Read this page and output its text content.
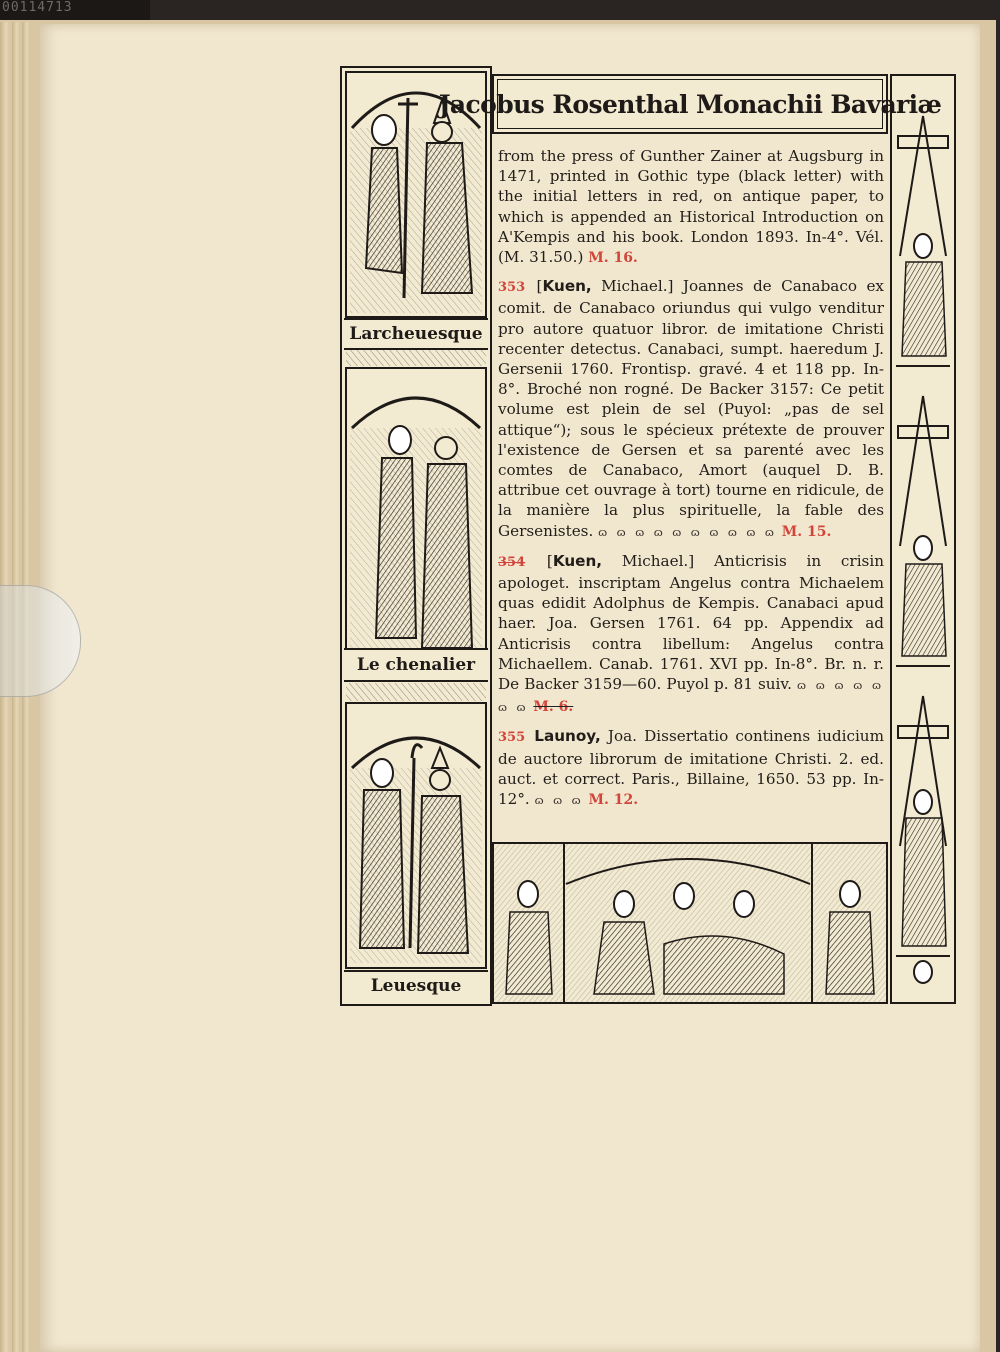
00114713
Larcheuesque
Le chenalier
Leuesque
Jacobus Rosenthal Monachii Bavariæ

from the press of Gunther Zainer at Augsburg in 1471, printed in Gothic type (black letter) with the initial letters in red, on antique paper, to which is appended an Historical Introduction on A'Kempis and his book. London 1893. In-4°. Vél. (M. 31.50.) M. 16.

353 [Kuen, Michael.] Joannes de Canabaco ex comit. de Canabaco oriundus qui vulgo venditur pro autore quatuor libror. de imitatione Christi recenter detectus. Canabaci, sumpt. haeredum J. Gersenii 1760. Frontisp. gravé. 4 et 118 pp. In-8°. Broché non rogné. De Backer 3157: Ce petit volume est plein de sel (Puyol: „pas de sel attique“); sous le spécieux prétexte de prouver l'existence de Gersen et sa parenté avec les comtes de Canabaco, Amort (auquel D. B. attribue cet ouvrage à tort) tourne en ridicule, de la manière la plus spirituelle, la fable des Gersenistes. ɷ ɷ ɷ ɷ ɷ ɷ ɷ ɷ ɷ ɷ M. 15.

354 [Kuen, Michael.] Anticrisis in crisin apologet. inscriptam Angelus contra Michaelem quas edidit Adolphus de Kempis. Canabaci apud haer. Joa. Gersen 1761. 64 pp. Appendix ad Anticrisis contra libellum: Angelus contra Michaellem. Canab. 1761. XVI pp. In-8°. Br. n. r. De Backer 3159—60. Puyol p. 81 suiv. ɷ ɷ ɷ ɷ ɷ ɷ ɷ M. 6.

355 Launoy, Joa. Dissertatio continens iudicium de auctore librorum de imitatione Christi. 2. ed. auct. et correct. Paris., Billaine, 1650. 53 pp. In-12°. ɷ ɷ ɷ M. 12.
